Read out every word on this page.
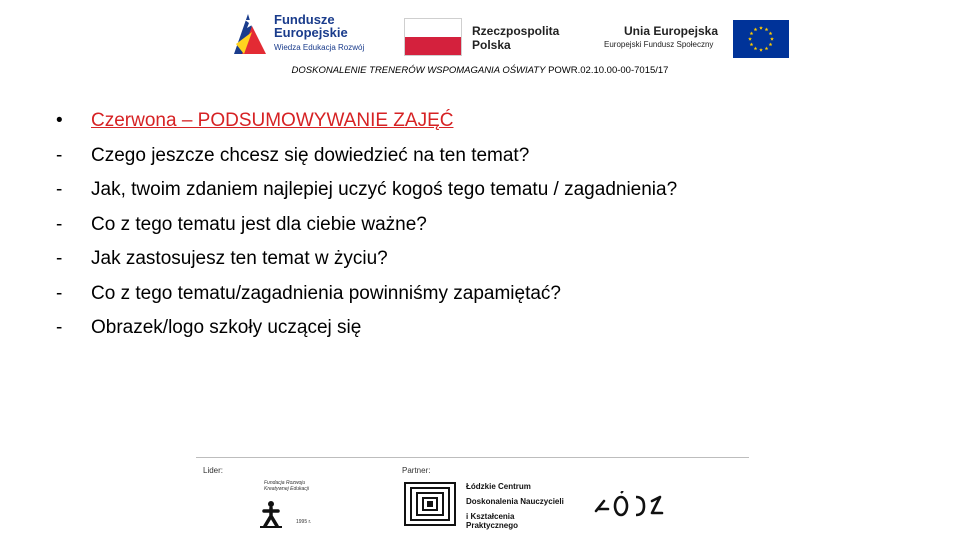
Fundusze
Europejskie
Wiedza Edukacja Rozwój
Rzeczpospolita
Polska
Unia Europejska
Europejski Fundusz Społeczny
DOSKONALENIE TRENERÓW WSPOMAGANIA OŚWIATY POWR.02.10.00-00-7015/17
•	Czerwona – PODSUMOWYWANIE ZAJĘĆ
-	Czego jeszcze chcesz się dowiedzieć na ten temat?
-	Jak, twoim zdaniem najlepiej uczyć kogoś tego tematu / zagadnienia?
-	Co z tego tematu jest dla ciebie ważne?
-	Jak zastosujesz ten temat w życiu?
-	Co z tego tematu/zagadnienia powinniśmy zapamiętać?
-	Obrazek/logo szkoły uczącej się
Lider:	Partner:
Fundacja Rozwoju
Kreatywnej Edukacji
1995 r.
Łódzkie Centrum
Doskonalenia Nauczycieli
i Kształcenia Praktycznego
